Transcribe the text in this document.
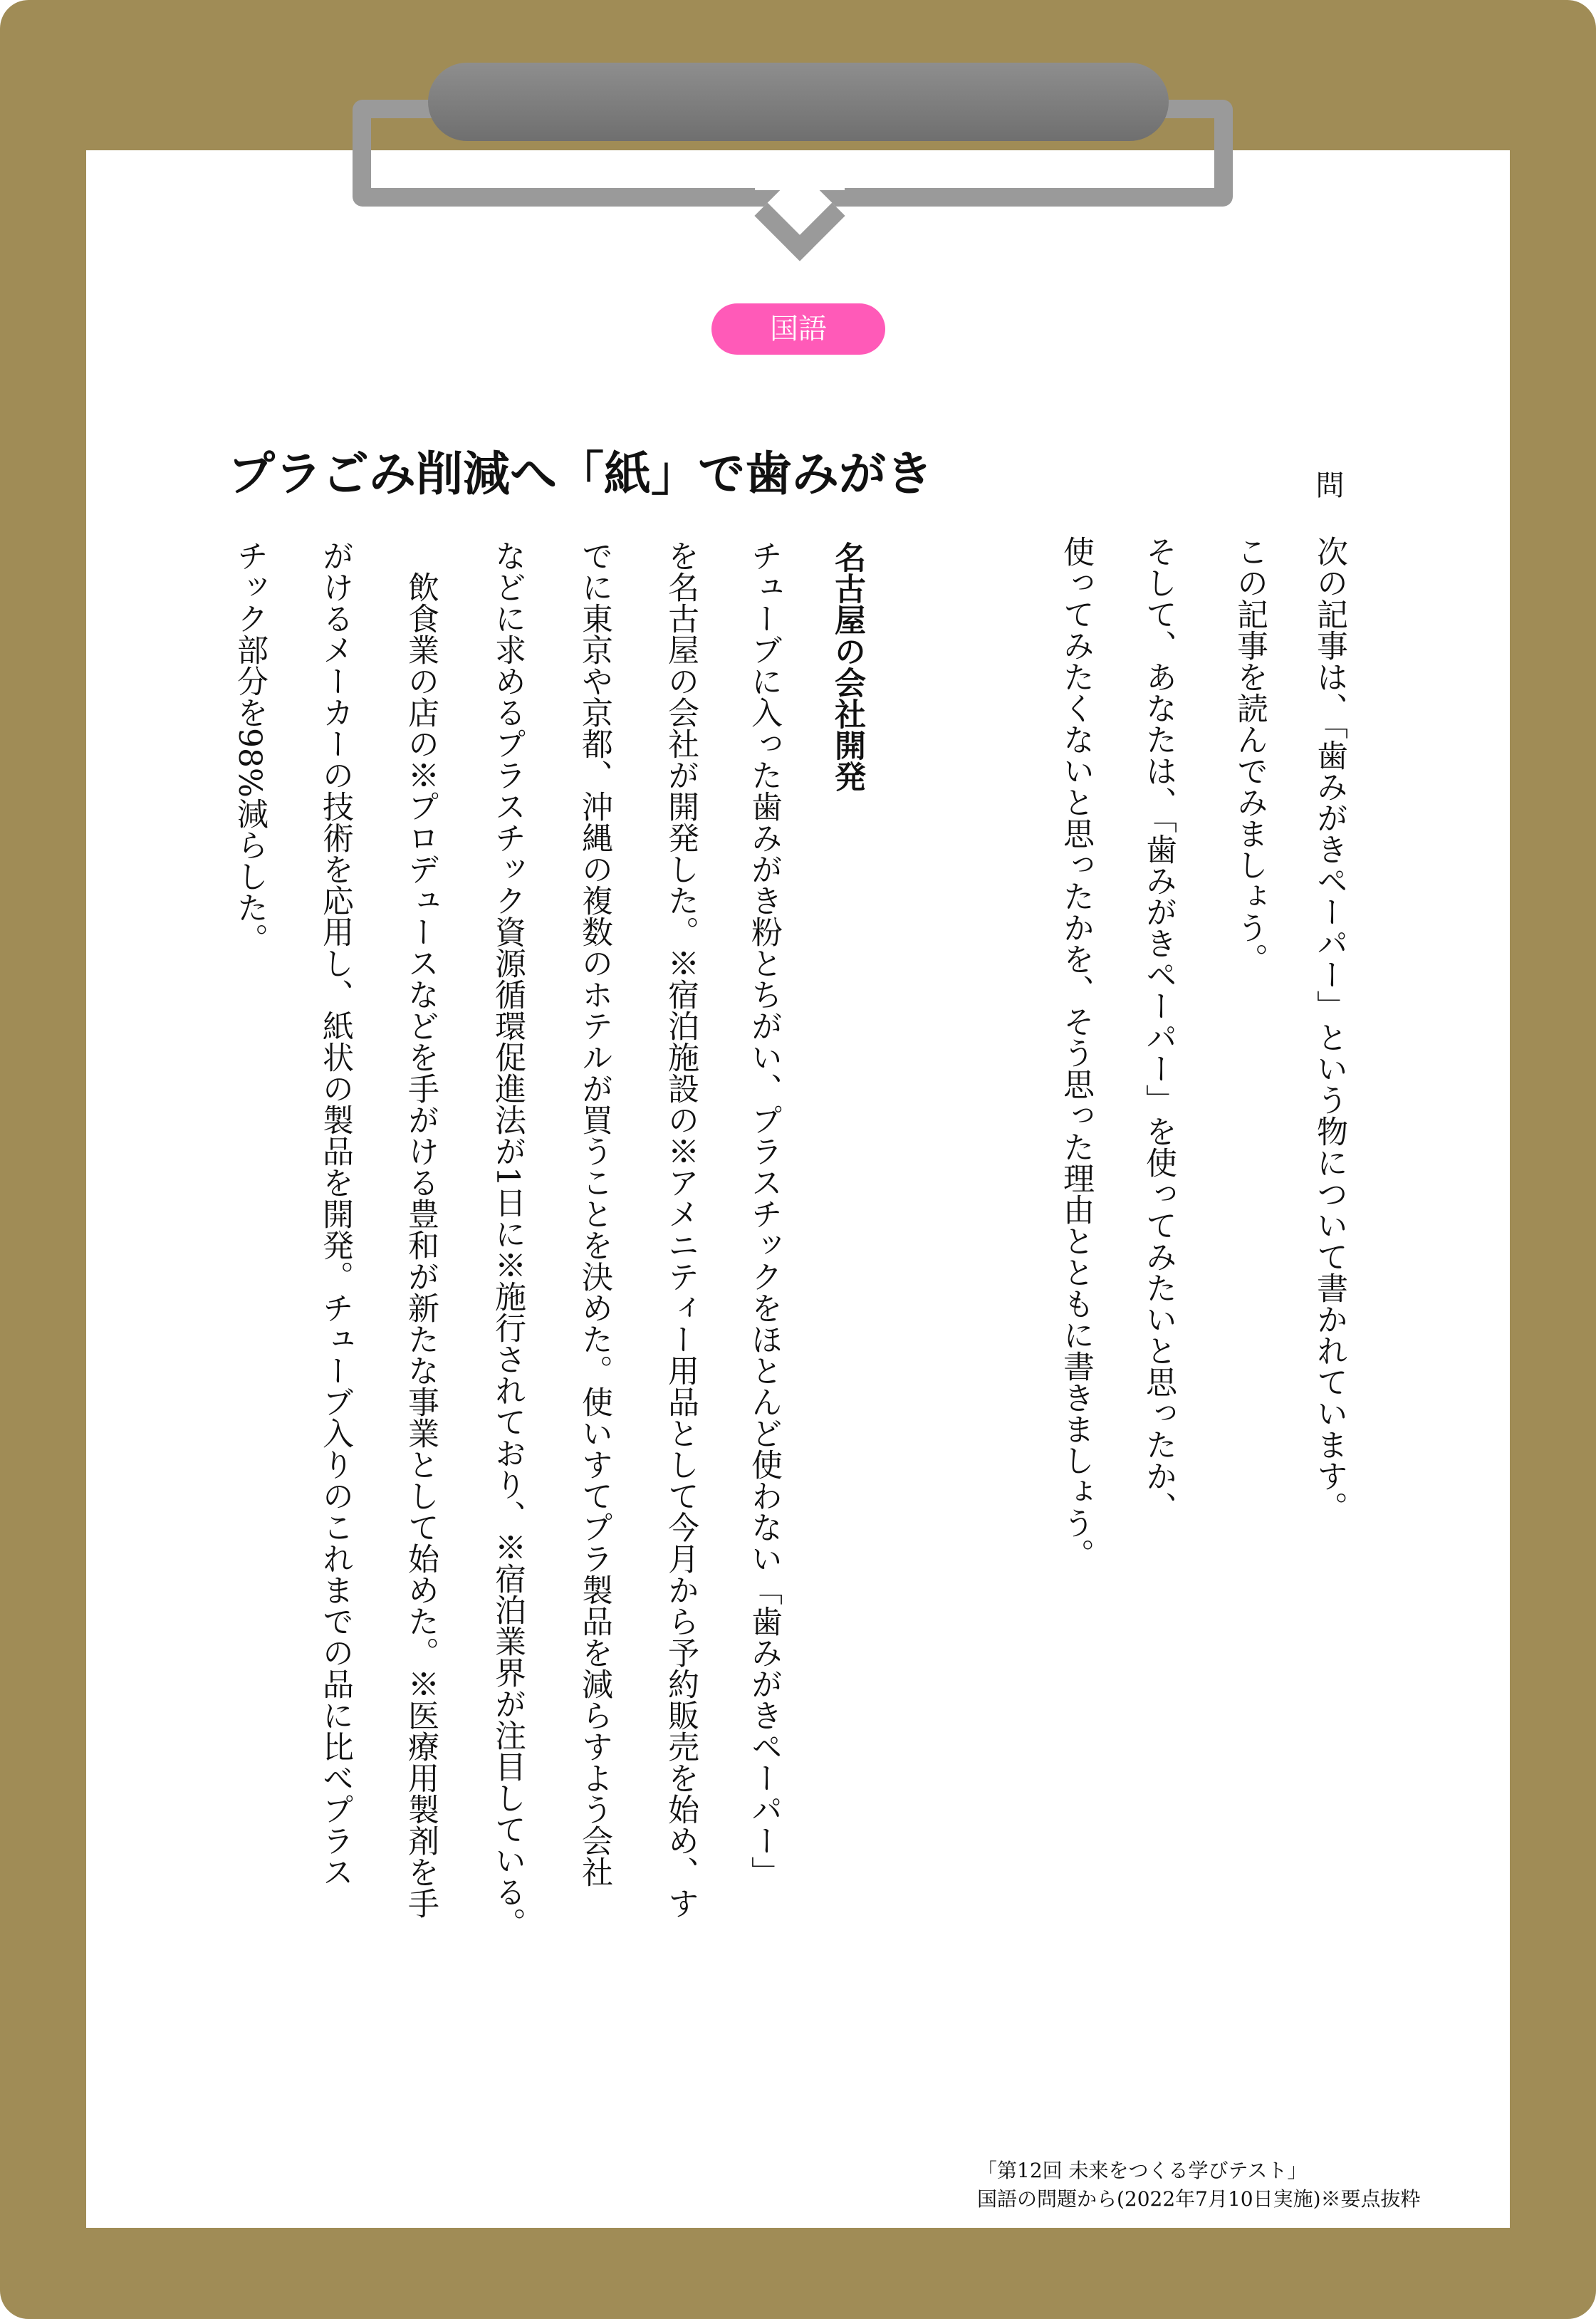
国語
プラごみ削減へ「紙」で歯みがき	問
次の記事は、「歯みがきペーパー」という物について書かれています。
この記事を読んでみましょう。
そして、あなたは、「歯みがきペーパー」を使ってみたいと思ったか、
使ってみたくないと思ったかを、そう思った理由とともに書きましょう。
名古屋の会社開発
チューブに入った歯みがき粉とちがい、プラスチックをほとんど使わない「歯みがきペーパー」
を名古屋の会社が開発した。※宿泊施設の※アメニティー用品として今月から予約販売を始め、す
でに東京や京都、沖縄の複数のホテルが買うことを決めた。使いすてプラ製品を減らすよう会社
などに求めるプラスチック資源循環促進法が1日に※施行されており、※宿泊業界が注目している。
　飲食業の店の※プロデュースなどを手がける豊和が新たな事業として始めた。※医療用製剤を手
がけるメーカーの技術を応用し、紙状の製品を開発。チューブ入りのこれまでの品に比べプラス
チック部分を98%減らした。
「第12回 未来をつくる学びテスト」
国語の問題から(2022年7月10日実施)※要点抜粋
